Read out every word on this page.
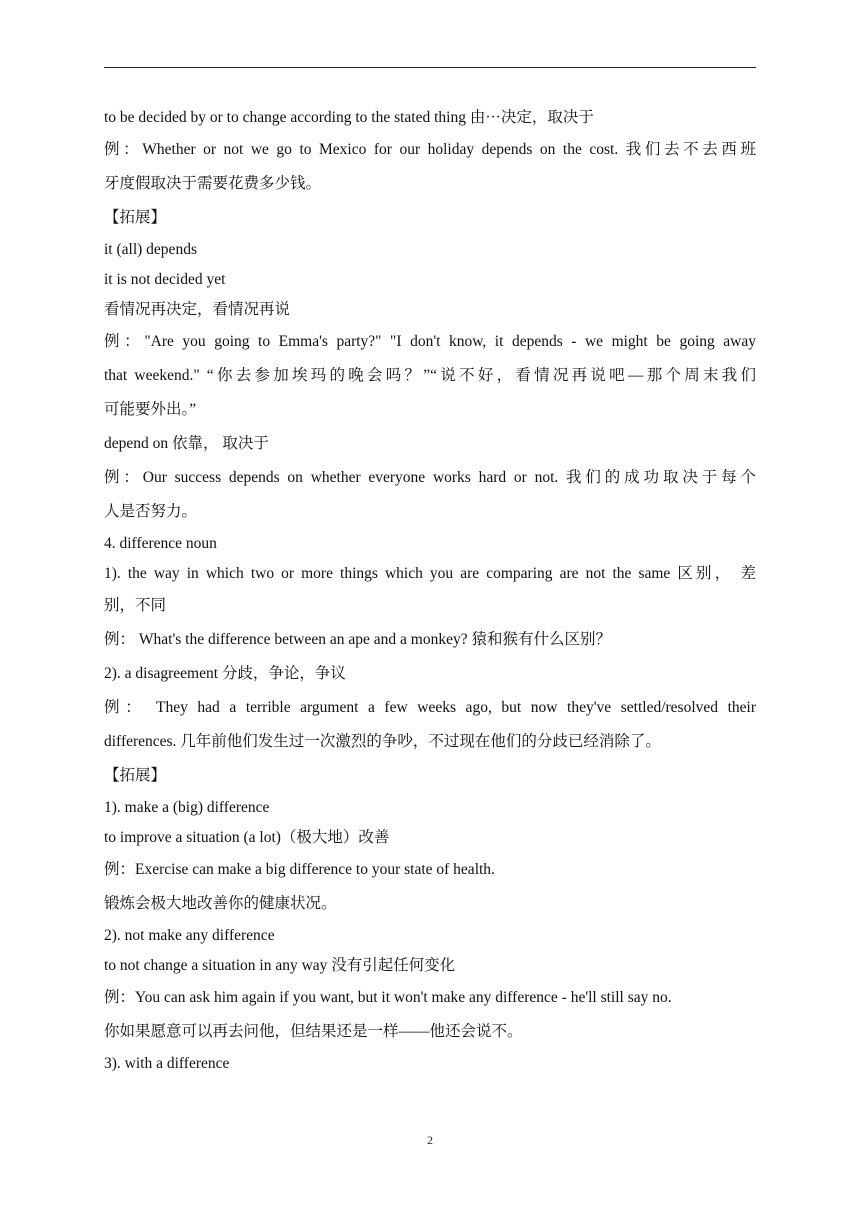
to be decided by or to change according to the stated thing 由···决定，取决于
例：Whether or not we go to Mexico for our holiday depends on the cost. 我们去不去西班
牙度假取决于需要花费多少钱。
【拓展】
it (all) depends
it is not decided yet
看情况再决定，看情况再说
例："Are you going to Emma's party?" "I don't know, it depends - we might be going away
that weekend." “你去参加埃玛的晚会吗？”“说不好，看情况再说吧—那个周末我们
可能要外出。”
depend on 依靠， 取决于
例：Our success depends on whether everyone works hard or not. 我们的成功取决于每个
人是否努力。
4. difference noun
1). the way in which two or more things which you are comparing are not the same 区别， 差
别，不同
例： What's the difference between an ape and a monkey? 猿和猴有什么区别？
2). a disagreement 分歧，争论，争议
例： They had a terrible argument a few weeks ago, but now they've settled/resolved their
differences. 几年前他们发生过一次激烈的争吵，不过现在他们的分歧已经消除了。
【拓展】
1). make a (big) difference
to improve a situation (a lot)（极大地）改善
例：Exercise can make a big difference to your state of health.
锻炼会极大地改善你的健康状况。
2). not make any difference
to not change a situation in any way 没有引起任何变化
例：You can ask him again if you want, but it won't make any difference - he'll still say no.
你如果愿意可以再去问他，但结果还是一样——他还会说不。
3). with a difference
2
